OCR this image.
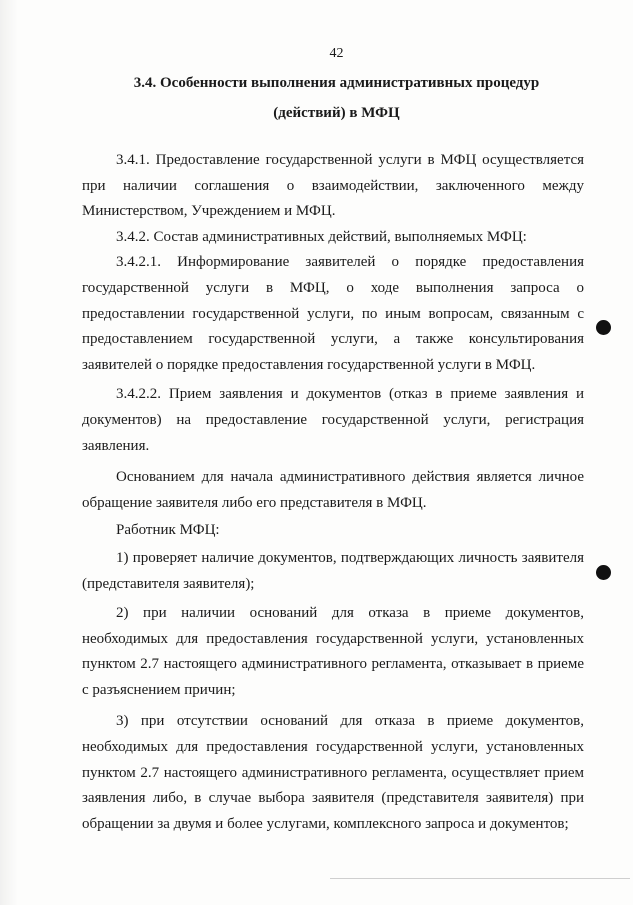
42
3.4. Особенности выполнения административных процедур
(действий) в МФЦ
3.4.1. Предоставление государственной услуги в МФЦ осуществляется
при наличии соглашения о взаимодействии, заключенного между
Министерством, Учреждением и МФЦ.
3.4.2. Состав административных действий, выполняемых МФЦ:
3.4.2.1. Информирование заявителей о порядке предоставления
государственной услуги в МФЦ, о ходе выполнения запроса о
предоставлении государственной услуги, по иным вопросам, связанным с
предоставлением государственной услуги, а также консультирования
заявителей о порядке предоставления государственной услуги в МФЦ.
3.4.2.2. Прием заявления и документов (отказ в приеме заявления и
документов) на предоставление государственной услуги, регистрация
заявления.
Основанием для начала административного действия является личное
обращение заявителя либо его представителя в МФЦ.
Работник МФЦ:
1) проверяет наличие документов, подтверждающих личность заявителя
(представителя заявителя);
2) при наличии оснований для отказа в приеме документов,
необходимых для предоставления государственной услуги, установленных
пунктом 2.7 настоящего административного регламента, отказывает в приеме
с разъяснением причин;
3) при отсутствии оснований для отказа в приеме документов,
необходимых для предоставления государственной услуги, установленных
пунктом 2.7 настоящего административного регламента, осуществляет прием
заявления либо, в случае выбора заявителя (представителя заявителя) при
обращении за двумя и более услугами, комплексного запроса и документов;
